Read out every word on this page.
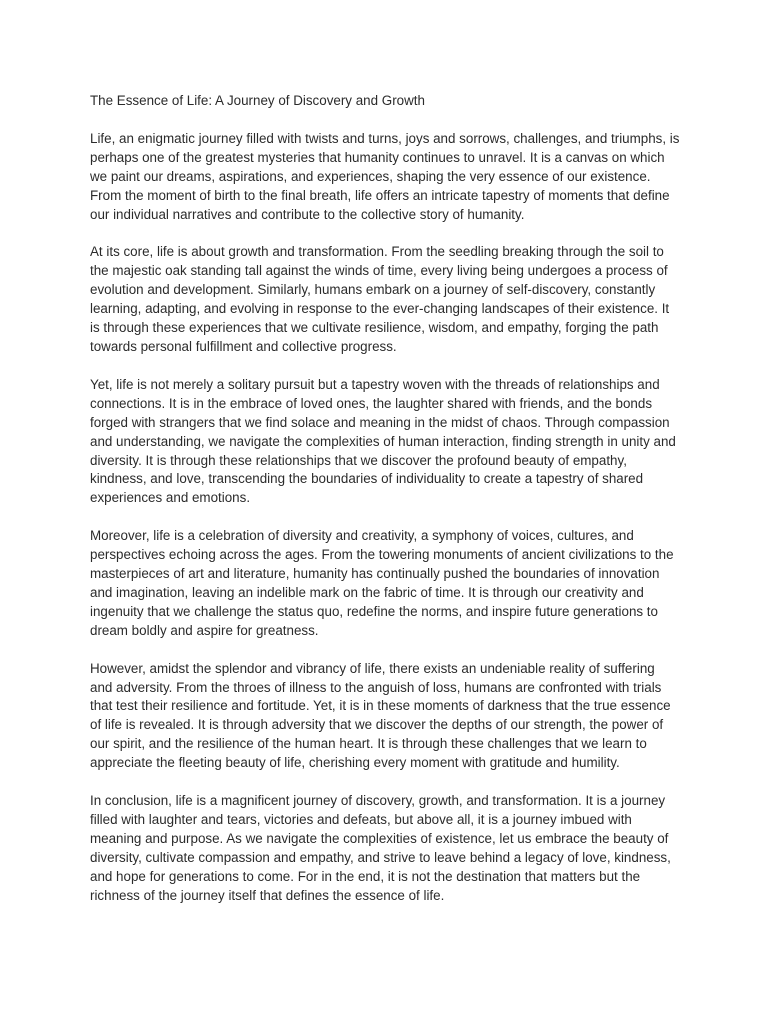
The Essence of Life: A Journey of Discovery and Growth

Life, an enigmatic journey filled with twists and turns, joys and sorrows, challenges, and triumphs, is perhaps one of the greatest mysteries that humanity continues to unravel. It is a canvas on which we paint our dreams, aspirations, and experiences, shaping the very essence of our existence. From the moment of birth to the final breath, life offers an intricate tapestry of moments that define our individual narratives and contribute to the collective story of humanity.

At its core, life is about growth and transformation. From the seedling breaking through the soil to the majestic oak standing tall against the winds of time, every living being undergoes a process of evolution and development. Similarly, humans embark on a journey of self-discovery, constantly learning, adapting, and evolving in response to the ever-changing landscapes of their existence. It is through these experiences that we cultivate resilience, wisdom, and empathy, forging the path towards personal fulfillment and collective progress.

Yet, life is not merely a solitary pursuit but a tapestry woven with the threads of relationships and connections. It is in the embrace of loved ones, the laughter shared with friends, and the bonds forged with strangers that we find solace and meaning in the midst of chaos. Through compassion and understanding, we navigate the complexities of human interaction, finding strength in unity and diversity. It is through these relationships that we discover the profound beauty of empathy, kindness, and love, transcending the boundaries of individuality to create a tapestry of shared experiences and emotions.

Moreover, life is a celebration of diversity and creativity, a symphony of voices, cultures, and perspectives echoing across the ages. From the towering monuments of ancient civilizations to the masterpieces of art and literature, humanity has continually pushed the boundaries of innovation and imagination, leaving an indelible mark on the fabric of time. It is through our creativity and ingenuity that we challenge the status quo, redefine the norms, and inspire future generations to dream boldly and aspire for greatness.

However, amidst the splendor and vibrancy of life, there exists an undeniable reality of suffering and adversity. From the throes of illness to the anguish of loss, humans are confronted with trials that test their resilience and fortitude. Yet, it is in these moments of darkness that the true essence of life is revealed. It is through adversity that we discover the depths of our strength, the power of our spirit, and the resilience of the human heart. It is through these challenges that we learn to appreciate the fleeting beauty of life, cherishing every moment with gratitude and humility.

In conclusion, life is a magnificent journey of discovery, growth, and transformation. It is a journey filled with laughter and tears, victories and defeats, but above all, it is a journey imbued with meaning and purpose. As we navigate the complexities of existence, let us embrace the beauty of diversity, cultivate compassion and empathy, and strive to leave behind a legacy of love, kindness, and hope for generations to come. For in the end, it is not the destination that matters but the richness of the journey itself that defines the essence of life.
